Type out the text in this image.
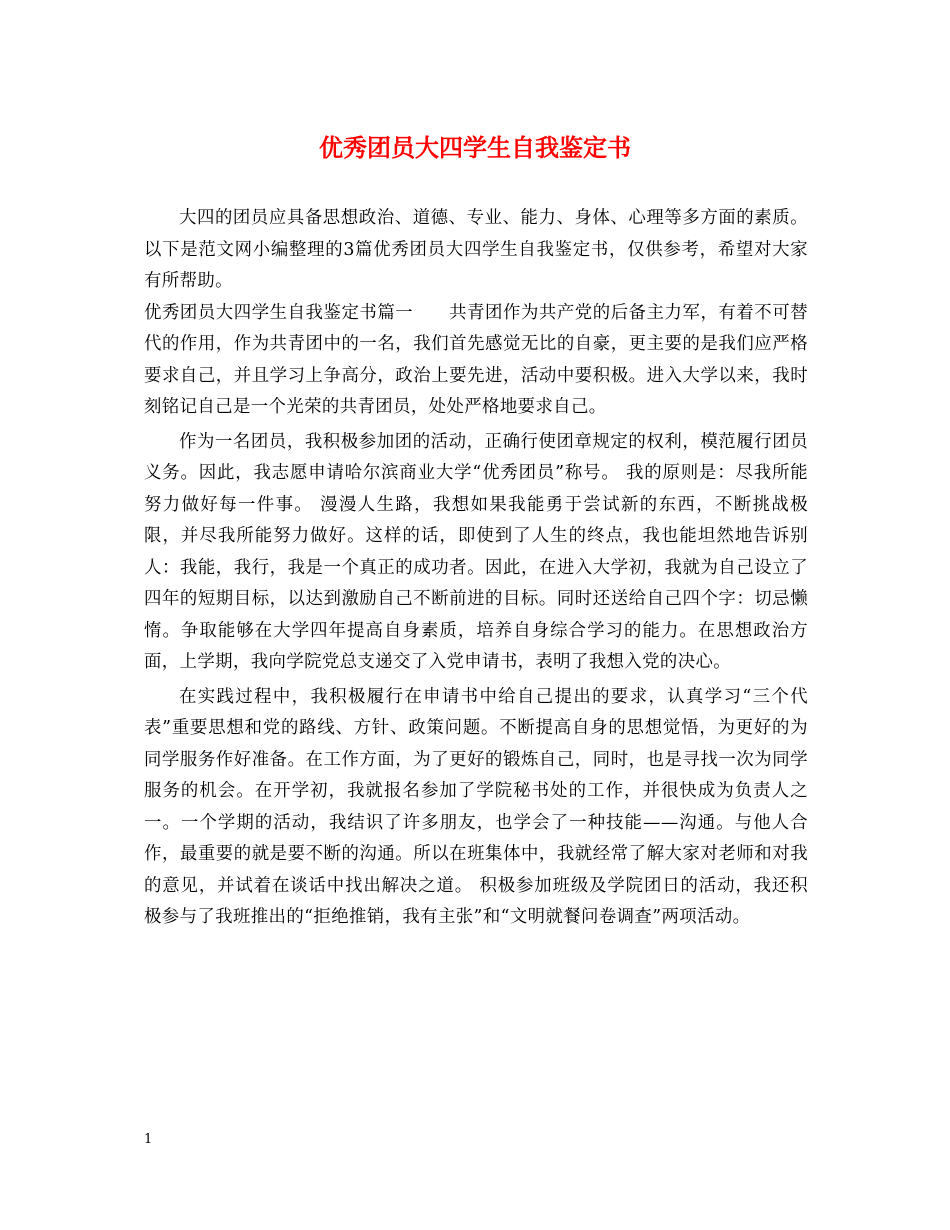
优秀团员大四学生自我鉴定书

大四的团员应具备思想政治、道德、专业、能力、身体、心理等多方面的素质。以下是范文网小编整理的3篇优秀团员大四学生自我鉴定书，仅供参考，希望对大家有所帮助。

优秀团员大四学生自我鉴定书篇一　　共青团作为共产党的后备主力军，有着不可替代的作用，作为共青团中的一名，我们首先感觉无比的自豪，更主要的是我们应严格要求自己，并且学习上争高分，政治上要先进，活动中要积极。进入大学以来，我时刻铭记自己是一个光荣的共青团员，处处严格地要求自己。

作为一名团员，我积极参加团的活动，正确行使团章规定的权利，模范履行团员义务。因此，我志愿申请哈尔滨商业大学“优秀团员”称号。 我的原则是：尽我所能努力做好每一件事。 漫漫人生路，我想如果我能勇于尝试新的东西，不断挑战极限，并尽我所能努力做好。这样的话，即使到了人生的终点，我也能坦然地告诉别人：我能，我行，我是一个真正的成功者。因此，在进入大学初，我就为自己设立了四年的短期目标，以达到激励自己不断前进的目标。同时还送给自己四个字：切忌懒惰。争取能够在大学四年提高自身素质，培养自身综合学习的能力。在思想政治方面，上学期，我向学院党总支递交了入党申请书，表明了我想入党的决心。

在实践过程中，我积极履行在申请书中给自己提出的要求，认真学习“三个代表”重要思想和党的路线、方针、政策问题。不断提高自身的思想觉悟，为更好的为同学服务作好准备。在工作方面，为了更好的锻炼自己，同时，也是寻找一次为同学服务的机会。在开学初，我就报名参加了学院秘书处的工作，并很快成为负责人之一。一个学期的活动，我结识了许多朋友，也学会了一种技能——沟通。与他人合作，最重要的就是要不断的沟通。所以在班集体中，我就经常了解大家对老师和对我的意见，并试着在谈话中找出解决之道。 积极参加班级及学院团日的活动，我还积极参与了我班推出的“拒绝推销，我有主张”和“文明就餐问卷调查”两项活动。

1
